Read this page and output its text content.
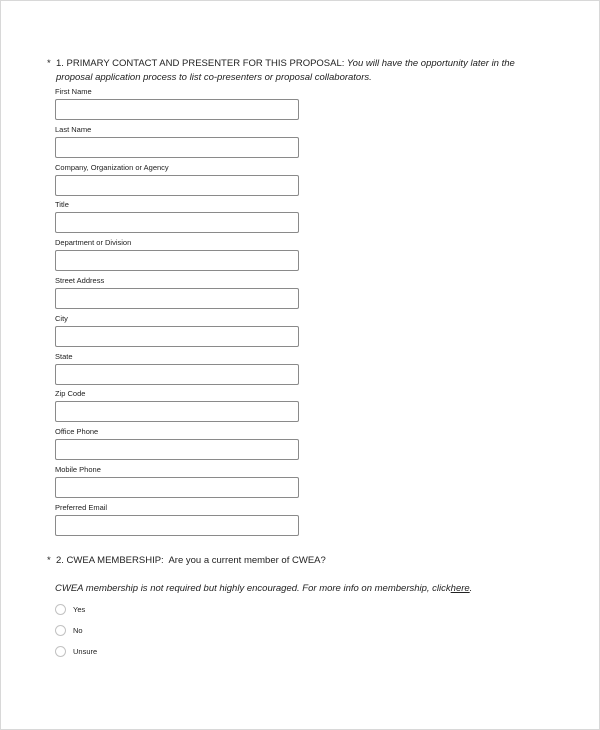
* 1. PRIMARY CONTACT AND PRESENTER FOR THIS PROPOSAL: You will have the opportunity later in the proposal application process to list co-presenters or proposal collaborators.
First Name
Last Name
Company, Organization or Agency
Title
Department or Division
Street Address
City
State
Zip Code
Office Phone
Mobile Phone
Preferred Email
* 2. CWEA MEMBERSHIP:  Are you a current member of CWEA?
CWEA membership is not required but highly encouraged. For more info on membership, clickhere.
Yes
No
Unsure
